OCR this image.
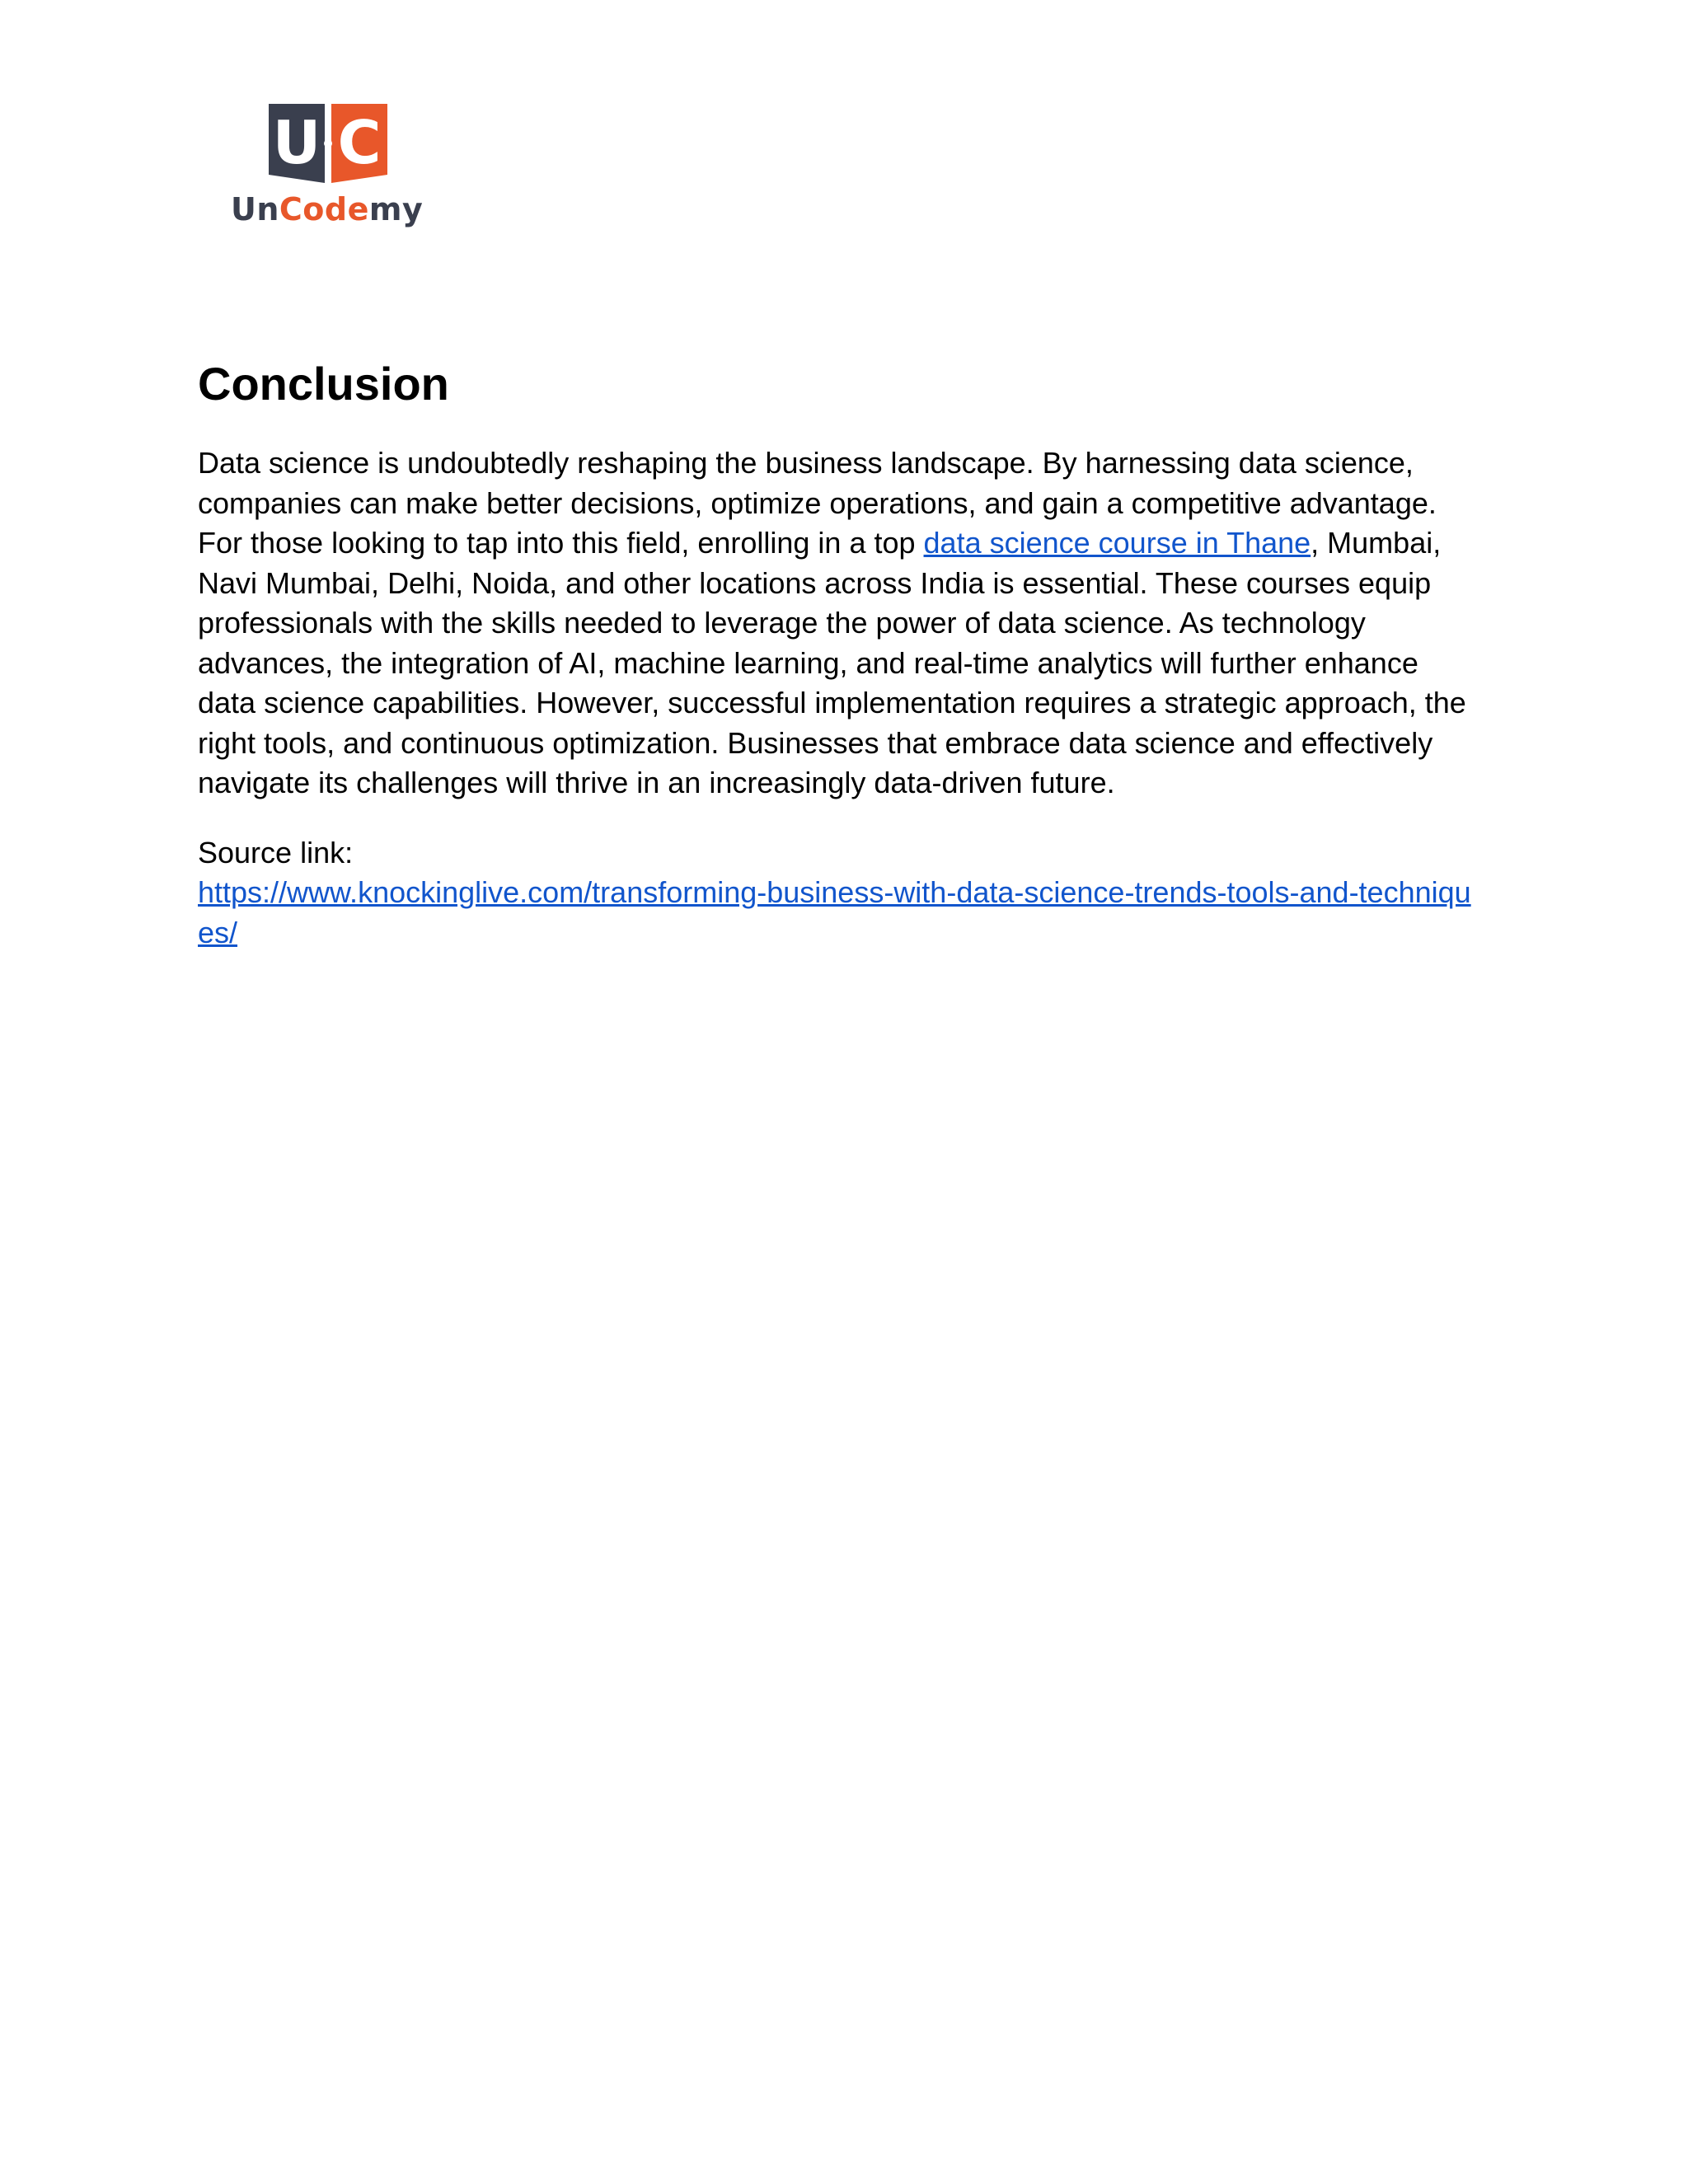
U C
UnCodemy
Conclusion

Data science is undoubtedly reshaping the business landscape. By harnessing data science, companies can make better decisions, optimize operations, and gain a competitive advantage. For those looking to tap into this field, enrolling in a top data science course in Thane, Mumbai, Navi Mumbai, Delhi, Noida, and other locations across India is essential. These courses equip professionals with the skills needed to leverage the power of data science. As technology advances, the integration of AI, machine learning, and real-time analytics will further enhance data science capabilities. However, successful implementation requires a strategic approach, the right tools, and continuous optimization. Businesses that embrace data science and effectively navigate its challenges will thrive in an increasingly data-driven future.

Source link:
https://www.knockinglive.com/transforming-business-with-data-science-trends-tools-and-techniques/
